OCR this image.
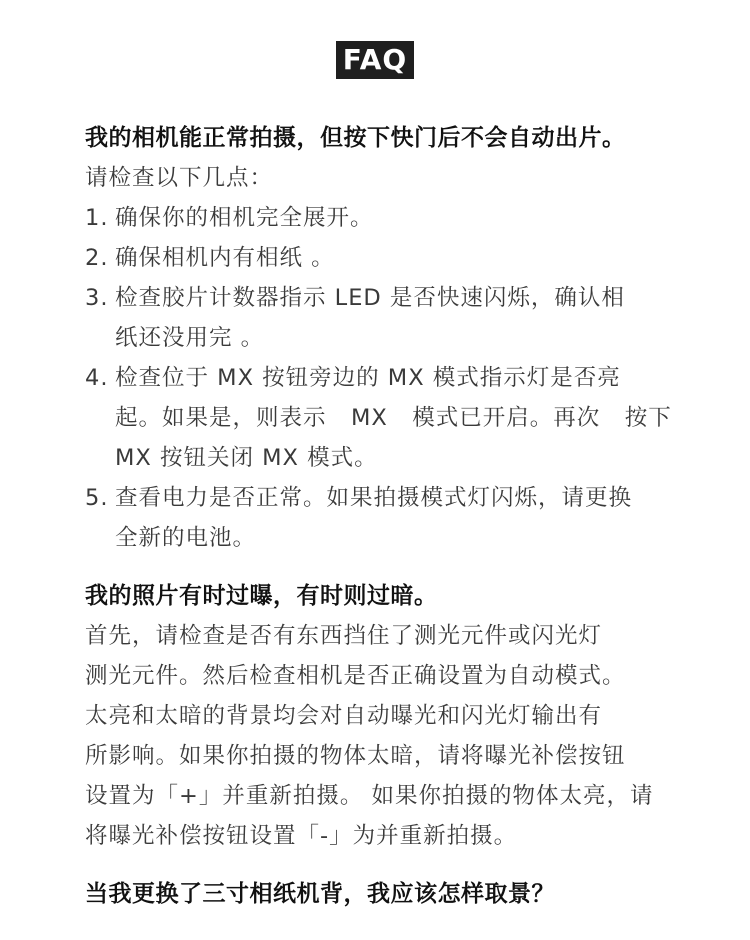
FAQ
我的相机能正常拍摄，但按下快门后不会自动出片。
请检查以下几点：
1. 确保你的相机完全展开。
2. 确保相机内有相纸 。
3. 检查胶片计数器指示 LED 是否快速闪烁，确认相
纸还没用完 。
4. 检查位于 MX 按钮旁边的 MX 模式指示灯是否亮
起。如果是，则表示   MX   模式已开启。再次   按下
MX 按钮关闭 MX 模式。
5. 查看电力是否正常。如果拍摄模式灯闪烁，请更换
全新的电池。
我的照片有时过曝，有时则过暗。
首先，请检查是否有东西挡住了测光元件或闪光灯
测光元件。然后检查相机是否正确设置为自动模式。
太亮和太暗的背景均会对自动曝光和闪光灯输出有
所影响。如果你拍摄的物体太暗，请将曝光补偿按钮
设置为「+」并重新拍摄。 如果你拍摄的物体太亮，请
将曝光补偿按钮设置「-」为并重新拍摄。
当我更换了三寸相纸机背，我应该怎样取景？
